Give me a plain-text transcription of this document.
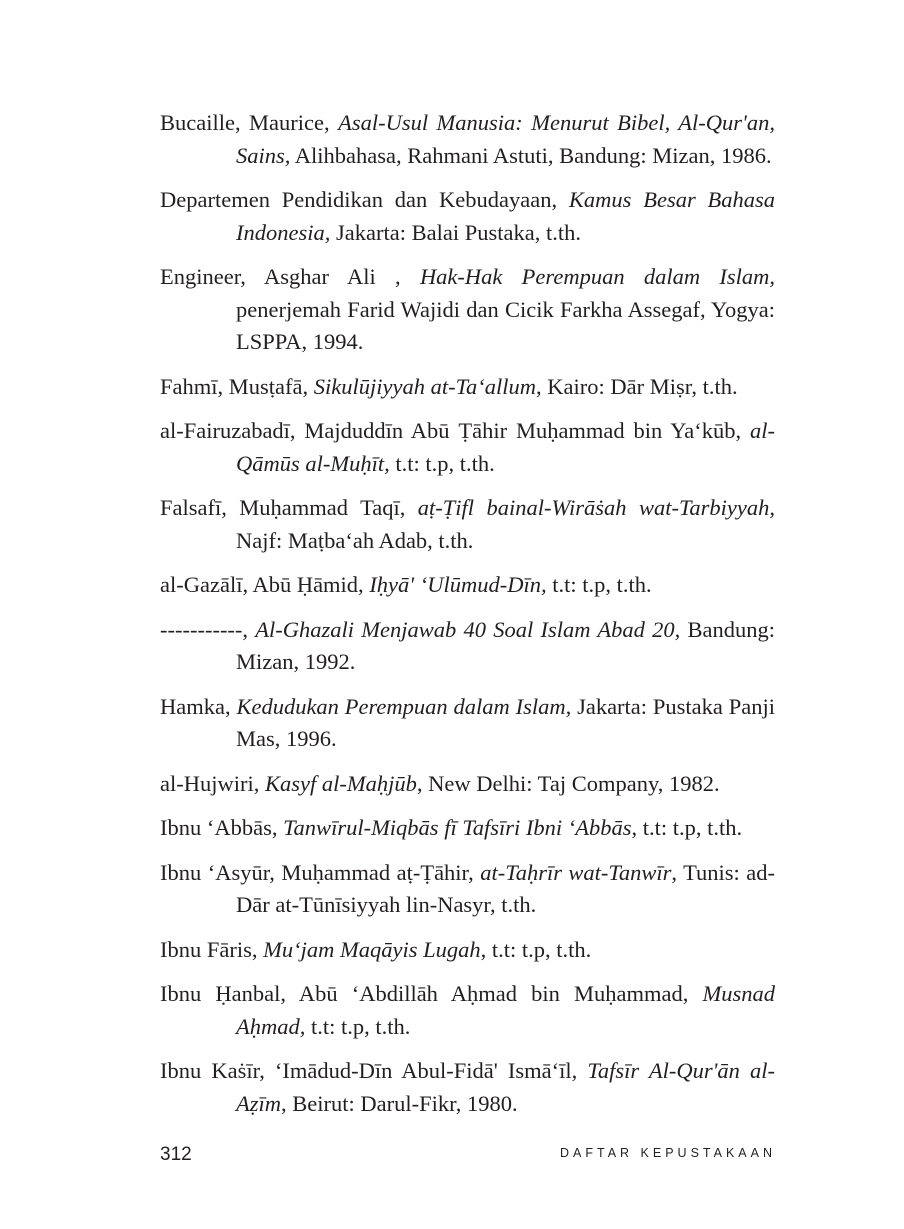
Bucaille, Maurice, Asal-Usul Manusia: Menurut Bibel, Al-Qur'an, Sains, Alihbahasa, Rahmani Astuti, Bandung: Mizan, 1986.

Departemen Pendidikan dan Kebudayaan, Kamus Besar Bahasa Indonesia, Jakarta: Balai Pustaka, t.th.

Engineer, Asghar Ali , Hak-Hak Perempuan dalam Islam, penerjemah Farid Wajidi dan Cicik Farkha Assegaf, Yogya: LSPPA, 1994.

Fahmī, Musṭafā, Sikulūjiyyah at-Ta‘allum, Kairo: Dār Miṣr, t.th.

al-Fairuzabadī, Majduddīn Abū Ṭāhir Muḥammad bin Ya‘kūb, al-Qāmūs al-Muḥīt, t.t: t.p, t.th.

Falsafī, Muḥammad Taqī, aṭ-Ṭifl bainal-Wirāṡah wat-Tarbiyyah, Najf: Maṭba‘ah Adab, t.th.

al-Gazālī, Abū Ḥāmid, Iḥyā' ‘Ulūmud-Dīn, t.t: t.p, t.th.

-----------, Al-Ghazali Menjawab 40 Soal Islam Abad 20, Bandung: Mizan, 1992.

Hamka, Kedudukan Perempuan dalam Islam, Jakarta: Pustaka Panji Mas, 1996.

al-Hujwiri, Kasyf al-Maḥjūb, New Delhi: Taj Company, 1982.

Ibnu ‘Abbās, Tanwīrul-Miqbās fī Tafsīri Ibni ‘Abbās, t.t: t.p, t.th.

Ibnu ‘Asyūr, Muḥammad aṭ-Ṭāhir, at-Taḥrīr wat-Tanwīr, Tunis: ad-Dār at-Tūnīsiyyah lin-Nasyr, t.th.

Ibnu Fāris, Mu‘jam Maqāyis Lugah, t.t: t.p, t.th.

Ibnu Ḥanbal, Abū ‘Abdillāh Aḥmad bin Muḥammad, Musnad Aḥmad, t.t: t.p, t.th.

Ibnu Kaṡīr, ‘Imādud-Dīn Abul-Fidā' Ismā‘īl, Tafsīr Al-Qur'ān al-Aẓīm, Beirut: Darul-Fikr, 1980.

312	DAFTAR KEPUSTAKAAN
